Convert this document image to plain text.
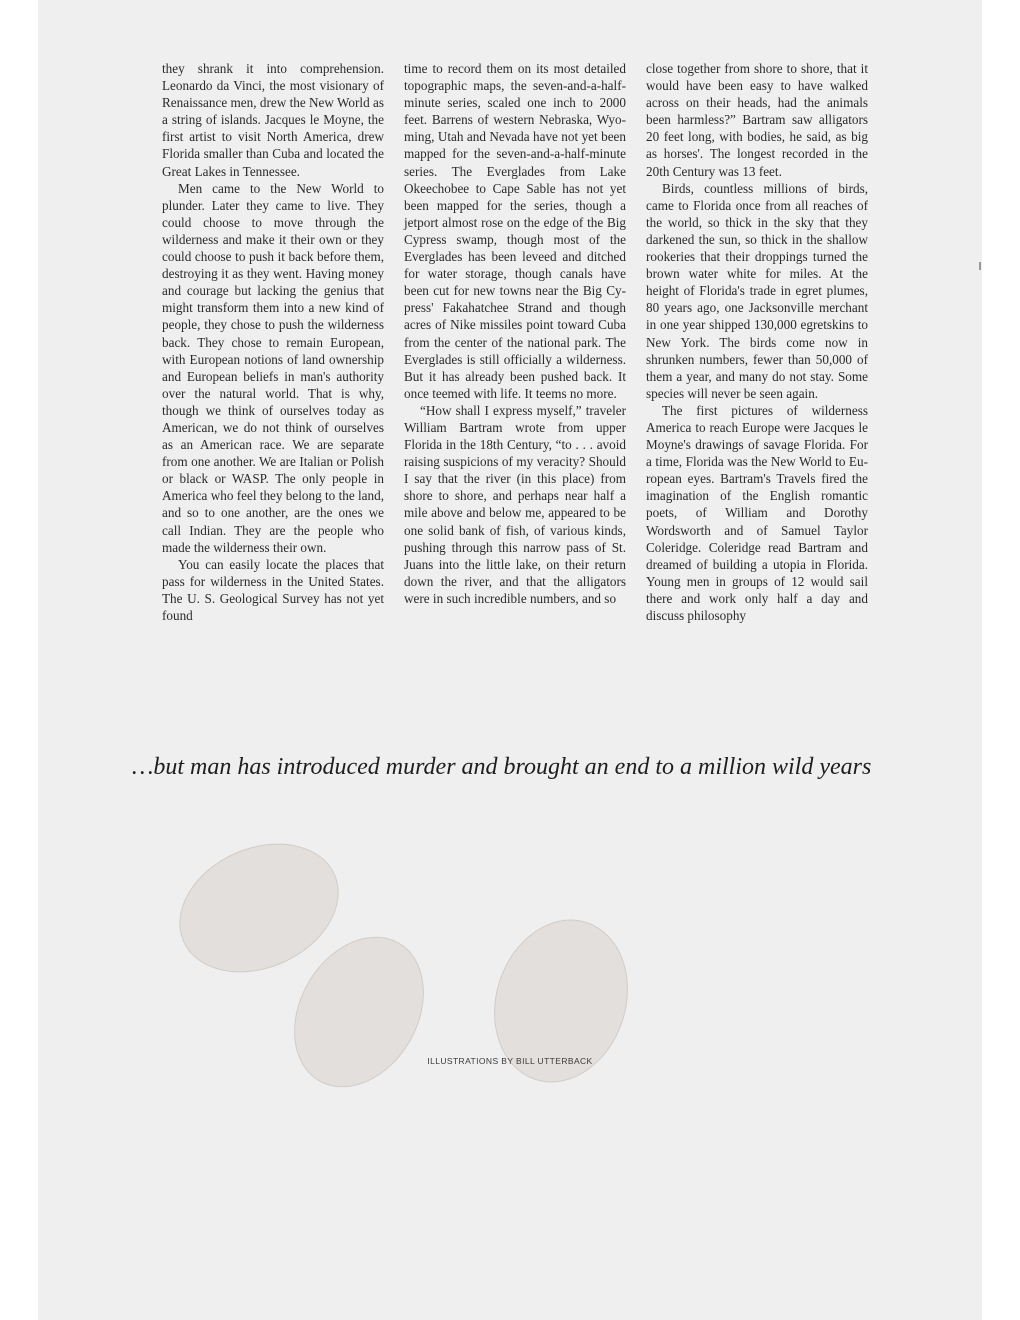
they shrank it into comprehension. Leonardo da Vinci, the most visionary of Renaissance men, drew the New World as a string of islands. Jacques le Moyne, the first artist to visit North America, drew Florida smaller than Cuba and located the Great Lakes in Tennessee.

Men came to the New World to plunder. Later they came to live. They could choose to move through the wilderness and make it their own or they could choose to push it back before them, destroying it as they went. Having money and courage but lacking the genius that might transform them into a new kind of people, they chose to push the wilderness back. They chose to remain European, with European notions of land ownership and European beliefs in man's authority over the natural world. That is why, though we think of ourselves today as American, we do not think of ourselves as an American race. We are separate from one another. We are Italian or Polish or black or WASP. The only people in America who feel they belong to the land, and so to one another, are the ones we call Indian. They are the people who made the wilderness their own.

You can easily locate the places that pass for wilderness in the United States. The U. S. Geological Survey has not yet found

time to record them on its most detailed topographic maps, the seven-and-a-half-minute series, scaled one inch to 2000 feet. Barrens of western Nebraska, Wyoming, Utah and Nevada have not yet been mapped for the seven-and-a-half-minute series. The Everglades from Lake Okeechobee to Cape Sable has not yet been mapped for the series, though a jetport almost rose on the edge of the Big Cypress swamp, though most of the Everglades has been leveed and ditched for water storage, though canals have been cut for new towns near the Big Cypress' Fakahatchee Strand and though acres of Nike missiles point toward Cuba from the center of the national park. The Everglades is still officially a wilderness. But it has already been pushed back. It once teemed with life. It teems no more.

“How shall I express myself,” traveler William Bartram wrote from upper Florida in the 18th Century, “to . . . avoid raising suspicions of my veracity? Should I say that the river (in this place) from shore to shore, and perhaps near half a mile above and below me, appeared to be one solid bank of fish, of various kinds, pushing through this narrow pass of St. Juans into the little lake, on their return down the river, and that the alligators were in such incredible numbers, and so

close together from shore to shore, that it would have been easy to have walked across on their heads, had the animals been harmless?” Bartram saw alligators 20 feet long, with bodies, he said, as big as horses'. The longest recorded in the 20th Century was 13 feet.

Birds, countless millions of birds, came to Florida once from all reaches of the world, so thick in the sky that they darkened the sun, so thick in the shallow rookeries that their droppings turned the brown water white for miles. At the height of Florida's trade in egret plumes, 80 years ago, one Jacksonville merchant in one year shipped 130,000 egretskins to New York. The birds come now in shrunken numbers, fewer than 50,000 of them a year, and many do not stay. Some species will never be seen again.

The first pictures of wilderness America to reach Europe were Jacques le Moyne's drawings of savage Florida. For a time, Florida was the New World to European eyes. Bartram's Travels fired the imagination of the English romantic poets, of William and Dorothy Wordsworth and of Samuel Taylor Coleridge. Coleridge read Bartram and dreamed of building a utopia in Florida. Young men in groups of 12 would sail there and work only half a day and discuss philosophy

…but man has introduced murder and brought an end to a million wild years
ILLUSTRATIONS BY BILL UTTERBACK
